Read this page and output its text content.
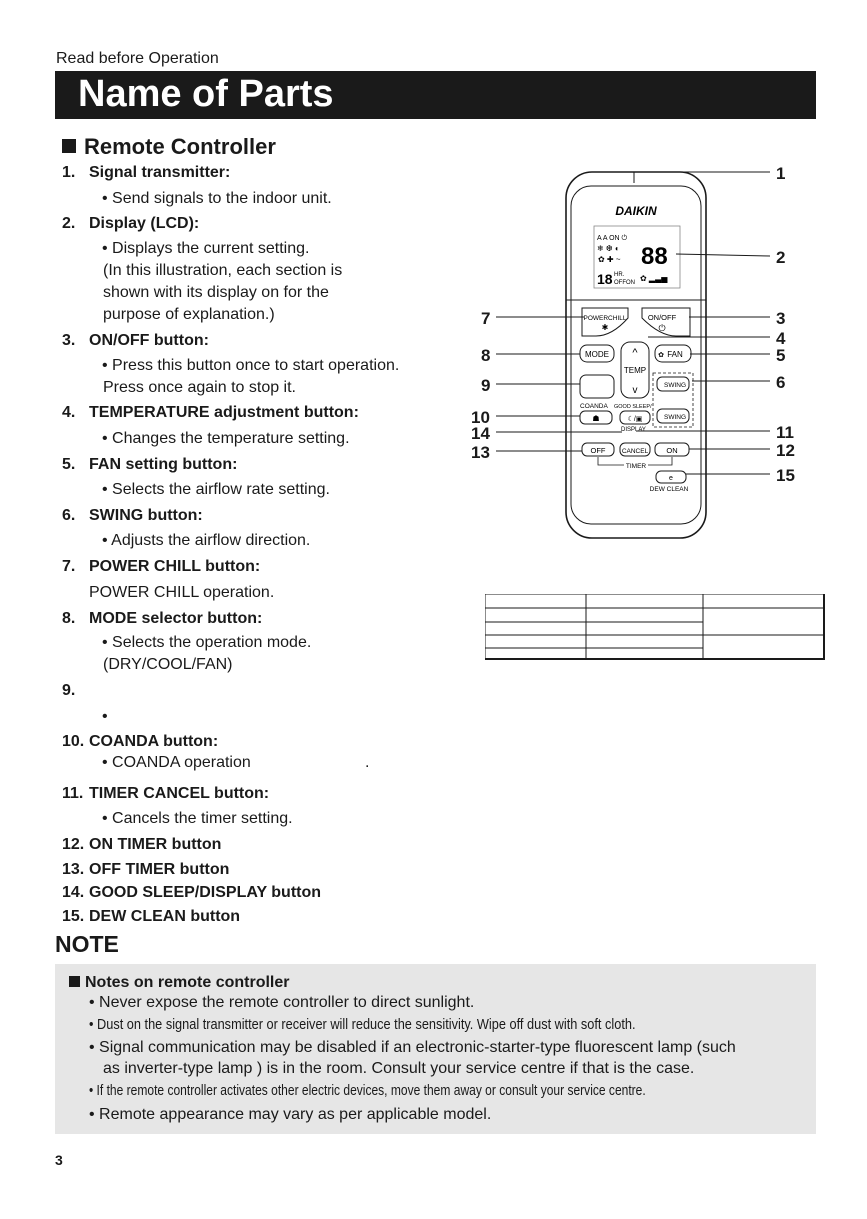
Read before Operation
Name of Parts
Remote Controller
1. Signal transmitter:
• Send signals to the indoor unit.
2. Display (LCD):
• Displays the current setting.
(In this illustration, each section is
shown with its display on for the
purpose of explanation.)
3. ON/OFF button:
• Press this button once to start operation.
Press once again to stop it.
4. TEMPERATURE adjustment button:
• Changes the temperature setting.
5. FAN setting button:
• Selects the airflow rate setting.
6. SWING button:
• Adjusts the airflow direction.
7. POWER CHILL button:
POWER CHILL operation.
8. MODE selector button:
• Selects the operation mode.
(DRY/COOL/FAN)
9.
•
10. COANDA button:
• COANDA operation	.
11. TIMER CANCEL button:
• Cancels the timer setting.
12. ON TIMER button
13. OFF TIMER button
14. GOOD SLEEP/DISPLAY button
15. DEW CLEAN button
DAIKIN
A A ON ⏻
❄ ❆ ◐
✿ ✚ ~ 88
18 HR.
OFFON ✿ ▂▃▅
POWERCHILL
✱
ON/OFF
⏻
MODE ^
TEMP
v
FAN
✿
SWING
SWING
COANDA GOOD SLEEP/
☗	☾/▣
DISPLAY
OFF	CANCEL ON
TIMER
e
DEW CLEAN
1
2
3
4
5
6
7
8
9
10
14
13
11
12
15
NOTE
Notes on remote controller
• Never expose the remote controller to direct sunlight.
• Dust on the signal transmitter or receiver will reduce the sensitivity. Wipe off dust with soft cloth.
• Signal communication may be disabled if an electronic-starter-type fluorescent lamp (such
as inverter-type lamp ) is in the room. Consult your service centre if that is the case.
• If the remote controller activates other electric devices, move them away or consult your service centre.
• Remote appearance may vary as per applicable model.
3
